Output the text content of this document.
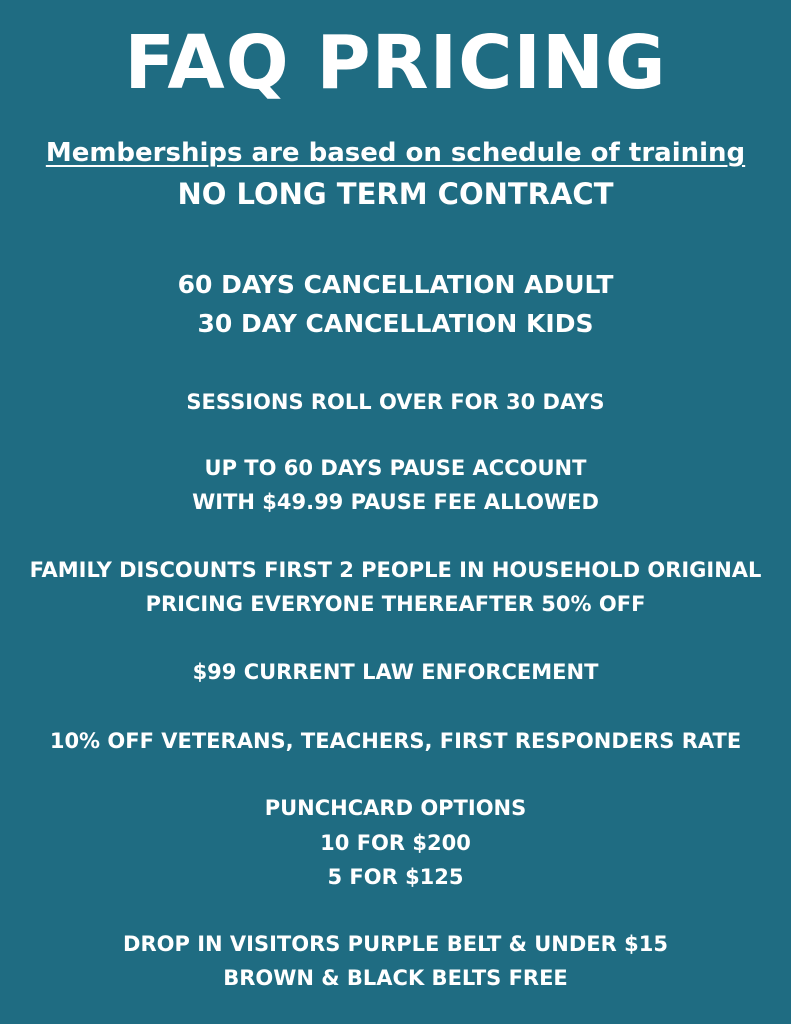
FAQ PRICING
Memberships are based on schedule of training
NO LONG TERM CONTRACT
60 DAYS CANCELLATION ADULT
30 DAY CANCELLATION KIDS
SESSIONS ROLL OVER FOR 30 DAYS
UP TO 60 DAYS PAUSE ACCOUNT
WITH $49.99 PAUSE FEE ALLOWED
FAMILY DISCOUNTS FIRST 2 PEOPLE IN HOUSEHOLD ORIGINAL
PRICING EVERYONE THEREAFTER 50% OFF
$99 CURRENT LAW ENFORCEMENT
10% OFF VETERANS, TEACHERS, FIRST RESPONDERS RATE
PUNCHCARD OPTIONS
10 FOR $200
5 FOR $125
DROP IN VISITORS PURPLE BELT & UNDER $15
BROWN & BLACK BELTS FREE
